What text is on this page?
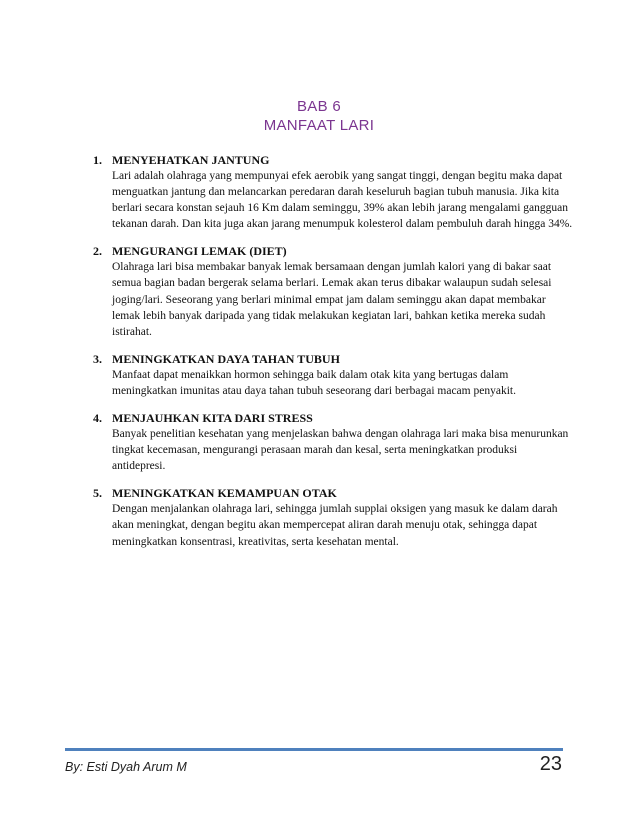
BAB 6
MANFAAT LARI
1. MENYEHATKAN JANTUNG

Lari adalah olahraga yang mempunyai efek aerobik yang sangat tinggi, dengan begitu maka dapat menguatkan jantung dan melancarkan peredaran darah keseluruh bagian tubuh manusia. Jika kita berlari secara konstan sejauh 16 Km dalam seminggu, 39% akan lebih jarang mengalami gangguan tekanan darah. Dan kita juga akan jarang menumpuk kolesterol dalam pembuluh darah hingga 34%.

2. MENGURANGI LEMAK (DIET)

Olahraga lari bisa membakar banyak lemak bersamaan dengan jumlah kalori yang di bakar saat semua bagian badan bergerak selama berlari. Lemak akan terus dibakar walaupun sudah selesai joging/lari. Seseorang yang berlari minimal empat jam dalam seminggu akan dapat membakar lemak lebih banyak daripada yang tidak melakukan kegiatan lari, bahkan ketika mereka sudah istirahat.

3. MENINGKATKAN DAYA TAHAN TUBUH

Manfaat dapat menaikkan hormon sehingga baik dalam otak kita yang bertugas dalam meningkatkan imunitas atau daya tahan tubuh seseorang dari berbagai macam penyakit.

4. MENJAUHKAN KITA DARI STRESS

Banyak penelitian kesehatan yang menjelaskan bahwa dengan olahraga lari maka bisa menurunkan tingkat kecemasan, mengurangi perasaan marah dan kesal, serta meningkatkan produksi antidepresi.

5. MENINGKATKAN KEMAMPUAN OTAK

Dengan menjalankan olahraga lari, sehingga jumlah supplai oksigen yang masuk ke dalam darah akan meningkat, dengan begitu akan mempercepat aliran darah menuju otak, sehingga dapat meningkatkan konsentrasi, kreativitas, serta kesehatan mental.

By: Esti Dyah Arum M	23
